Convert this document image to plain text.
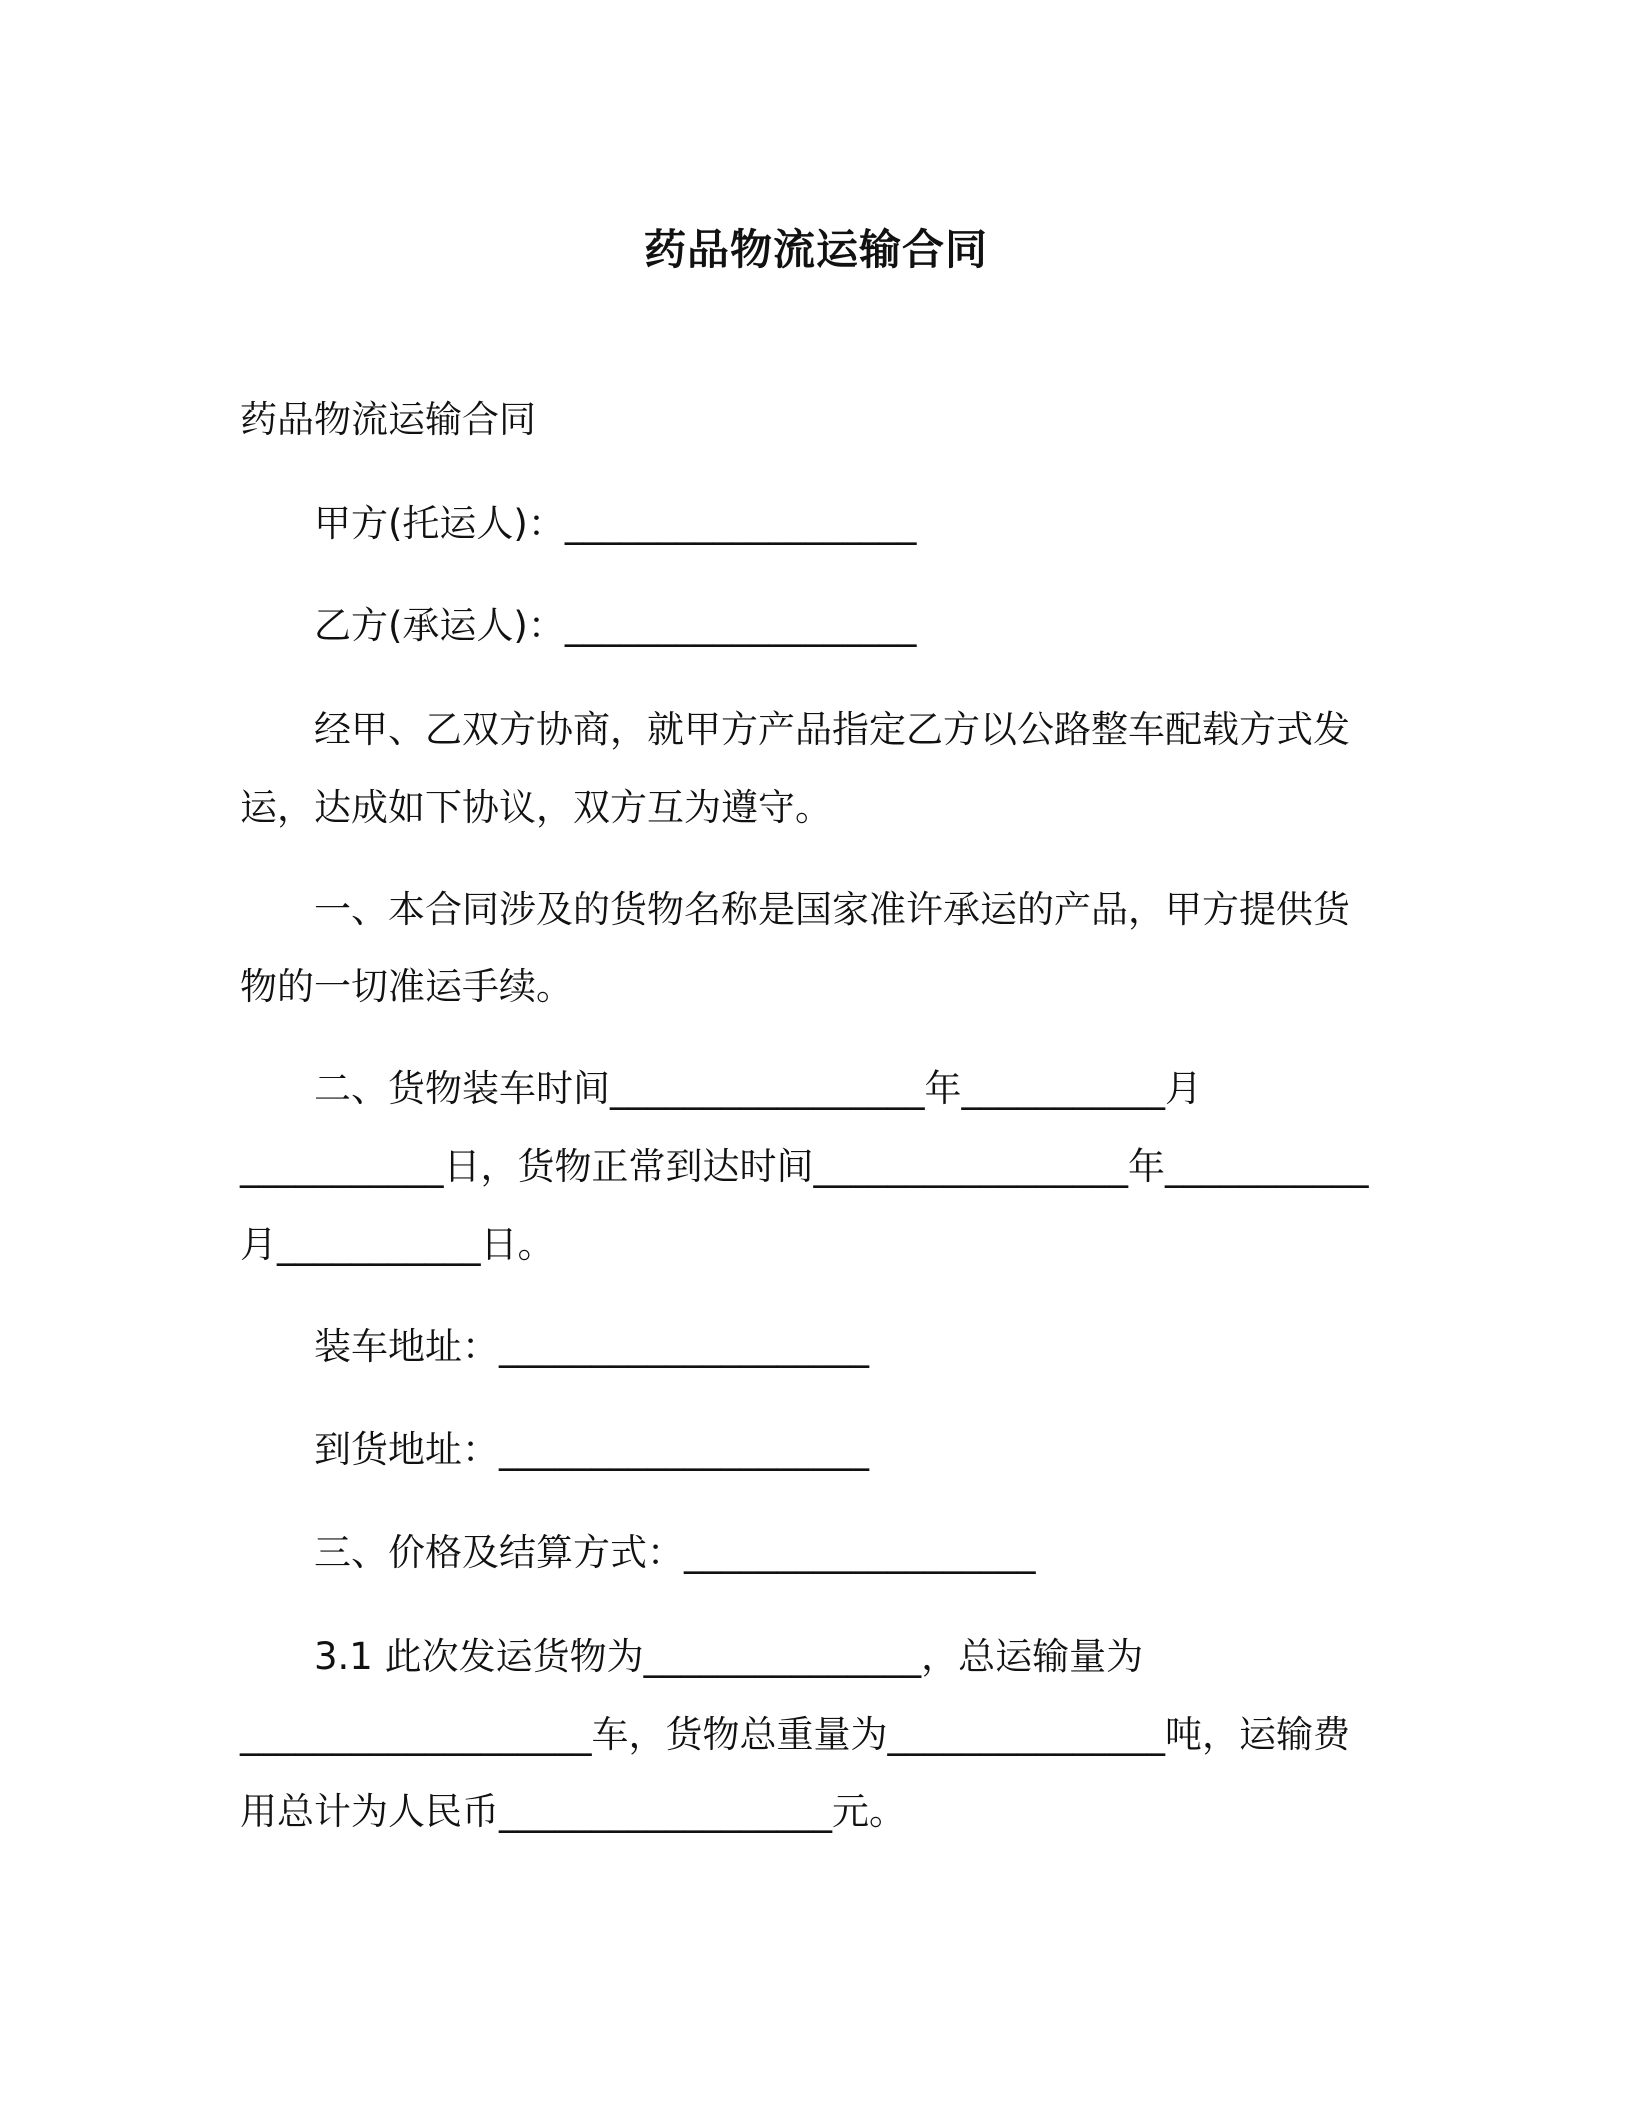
药品物流运输合同
药品物流运输合同
甲方(托运人)：___________________
乙方(承运人)：___________________
经甲、乙双方协商，就甲方产品指定乙方以公路整车配载方式发
运，达成如下协议，双方互为遵守。
一、本合同涉及的货物名称是国家准许承运的产品，甲方提供货
物的一切准运手续。
二、货物装车时间_________________年___________月
___________日，货物正常到达时间_________________年___________
月___________日。
装车地址：____________________
到货地址：____________________
三、价格及结算方式：___________________
3.1 此次发运货物为_______________，总运输量为
___________________车，货物总重量为_______________吨，运输费
用总计为人民币__________________元。
